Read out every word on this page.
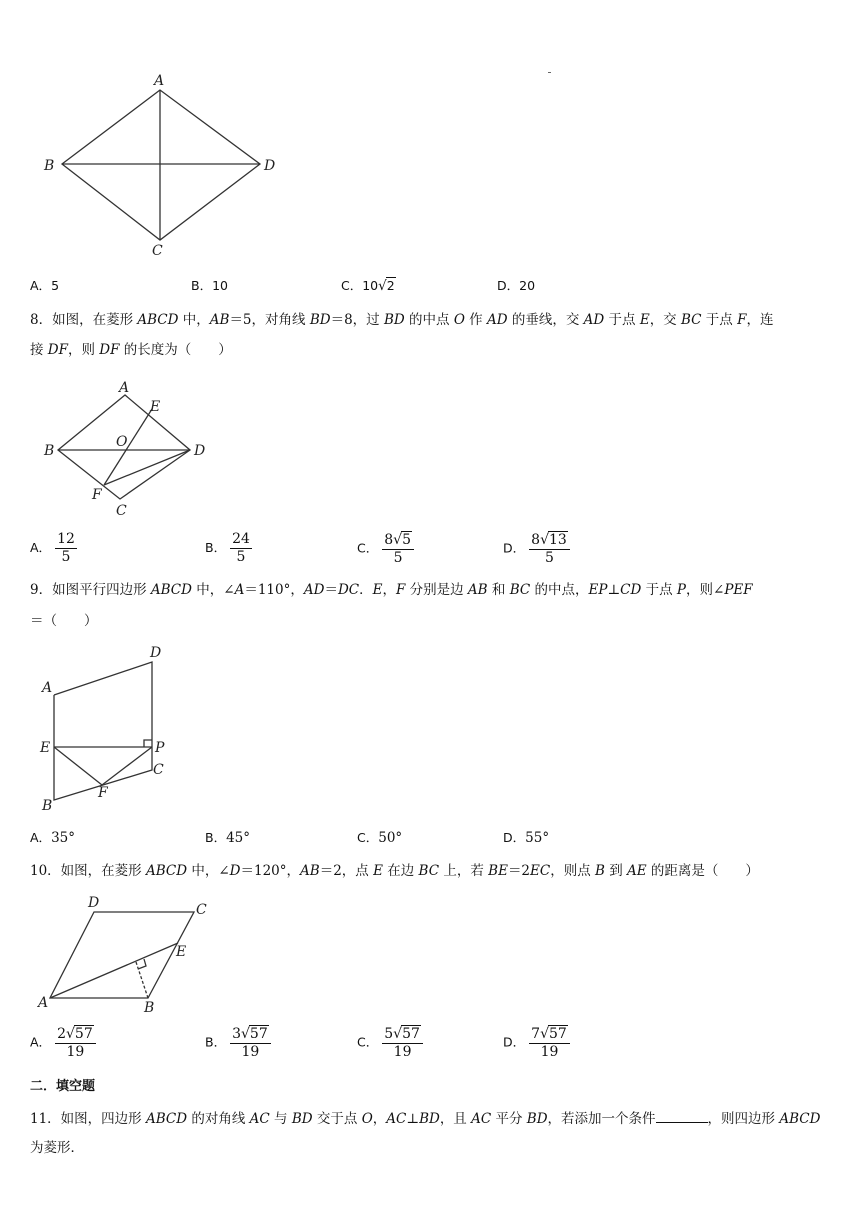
A
B
C
D
A．5	B．10	C．10√2	D．20
8．如图，在菱形 ABCD 中，AB＝5，对角线 BD＝8，过 BD 的中点 O 作 AD 的垂线，交 AD 于点 E，交 BC 于点 F，连
接 DF，则 DF 的长度为（　　）
A
E
B
O
D
F
C
A． $\frac{12}{5}$	B． $\frac{24}{5}$	C． $\frac{8√5}{5}$	D． $\frac{8√13}{5}$
9．如图平行四边形 ABCD 中，∠A＝110°，AD＝DC．E，F 分别是边 AB 和 BC 的中点，EP⊥CD 于点 P，则∠PEF
＝（　　）
D
A
E	P
C
F
B
A．35°	B．45°	C．50°	D．55°
10．如图，在菱形 ABCD 中，∠D＝120°，AB＝2，点 E 在边 BC 上，若 BE＝2EC，则点 B 到 AE 的距离是（　　）
D	C
E
A	B
A． $\frac{2√57}{19}$	B． $\frac{3√57}{19}$	C． $\frac{5√57}{19}$	D． $\frac{7√57}{19}$
二．填空题
11．如图，四边形 ABCD 的对角线 AC 与 BD 交于点 O，AC⊥BD，且 AC 平分 BD，若添加一个条件	，则四边形 ABCD
为菱形．
